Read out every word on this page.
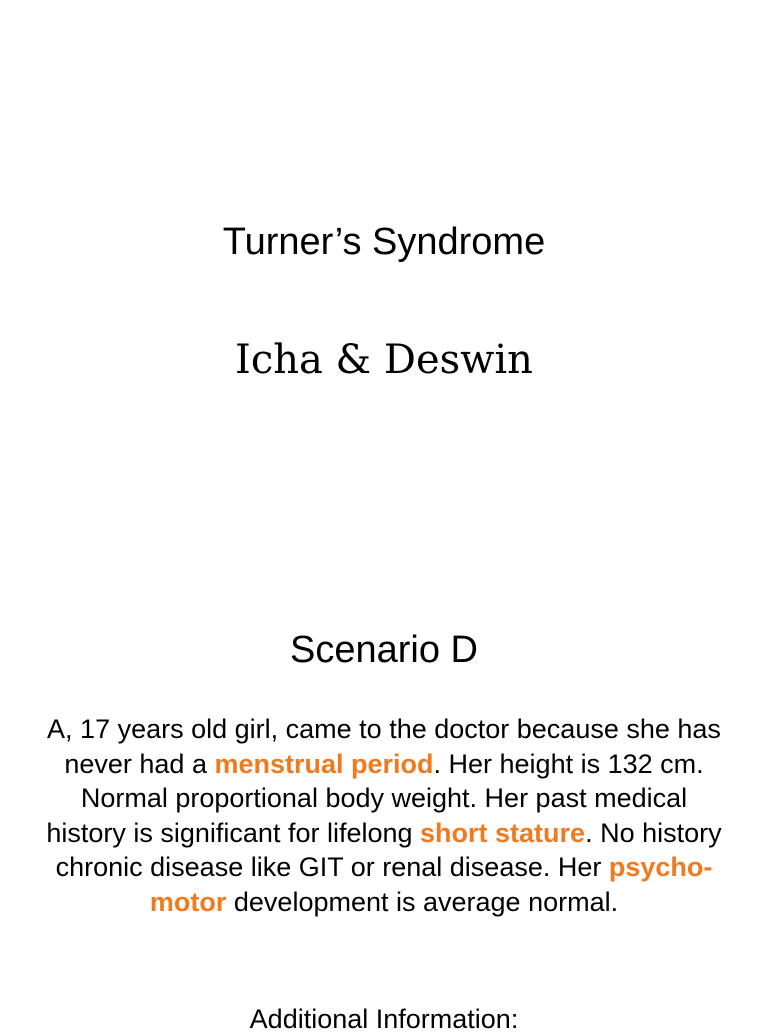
Turner’s Syndrome
Icha & Deswin
Scenario D
A, 17 years old girl, came to the doctor because she has never had a menstrual period. Her height is 132 cm. Normal proportional body weight. Her past medical history is significant for lifelong short stature. No history chronic disease like GIT or renal disease. Her psycho-motor development is average normal.
Additional Information:
